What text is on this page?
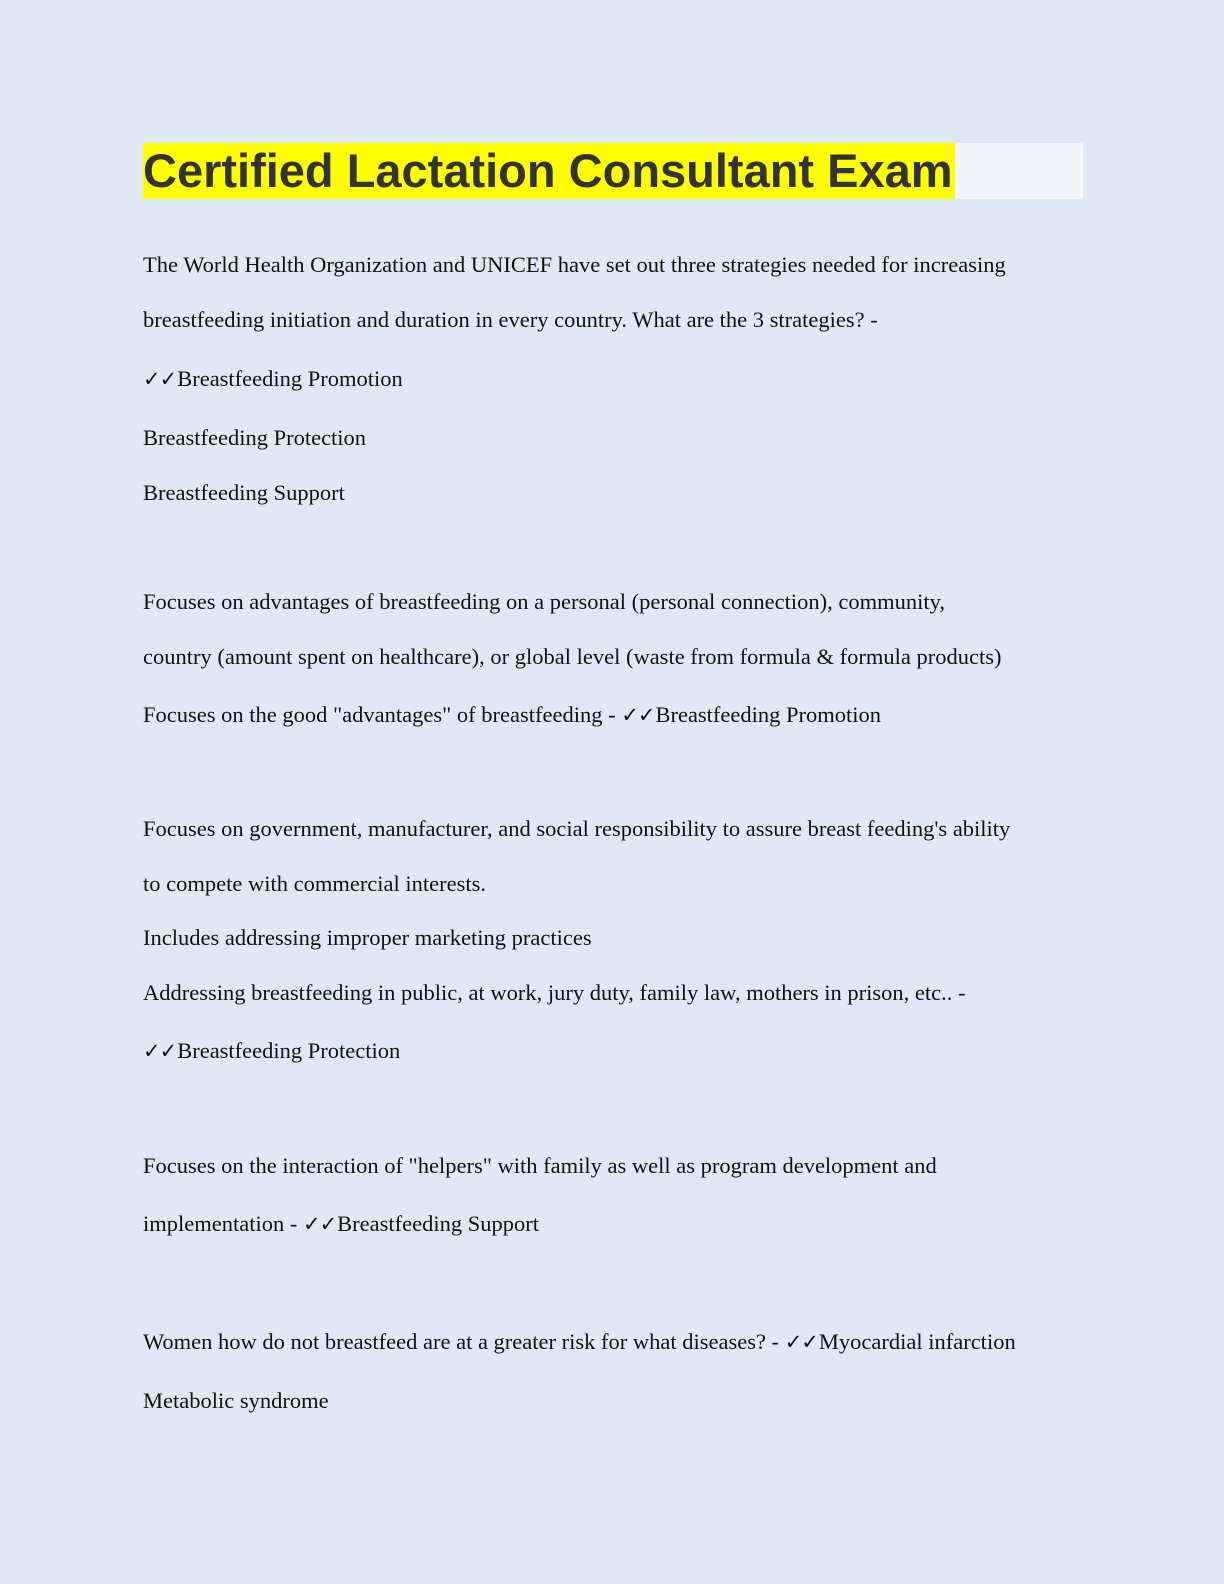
Certified Lactation Consultant Exam
The World Health Organization and UNICEF have set out three strategies needed for increasing
breastfeeding initiation and duration in every country. What are the 3 strategies? -
✓✓Breastfeeding Promotion
Breastfeeding Protection
Breastfeeding Support
Focuses on advantages of breastfeeding on a personal (personal connection), community,
country (amount spent on healthcare), or global level (waste from formula & formula products)
Focuses on the good "advantages" of breastfeeding - ✓✓Breastfeeding Promotion
Focuses on government, manufacturer, and social responsibility to assure breast feeding's ability
to compete with commercial interests.
Includes addressing improper marketing practices
Addressing breastfeeding in public, at work, jury duty, family law, mothers in prison, etc.. -
✓✓Breastfeeding Protection
Focuses on the interaction of "helpers" with family as well as program development and
implementation - ✓✓Breastfeeding Support
Women how do not breastfeed are at a greater risk for what diseases? - ✓✓Myocardial infarction
Metabolic syndrome
